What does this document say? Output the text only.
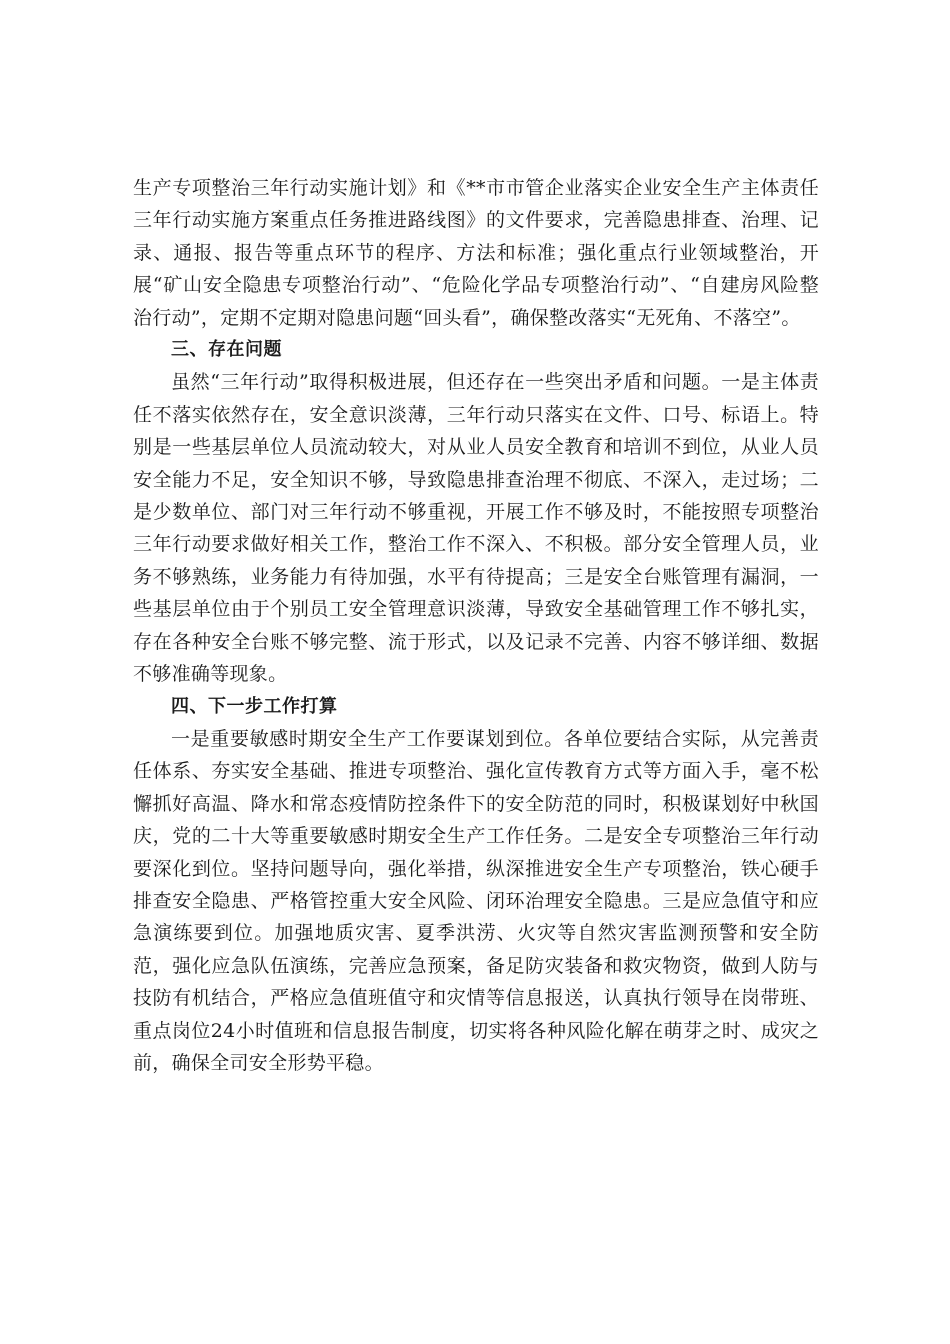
生产专项整治三年行动实施计划》和《**市市管企业落实企业安全生产主体责任三年行动实施方案重点任务推进路线图》的文件要求，完善隐患排查、治理、记录、通报、报告等重点环节的程序、方法和标准；强化重点行业领域整治，开展“矿山安全隐患专项整治行动”、“危险化学品专项整治行动”、“自建房风险整治行动”，定期不定期对隐患问题“回头看”，确保整改落实“无死角、不落空”。

三、存在问题

虽然“三年行动”取得积极进展，但还存在一些突出矛盾和问题。一是主体责任不落实依然存在，安全意识淡薄，三年行动只落实在文件、口号、标语上。特别是一些基层单位人员流动较大，对从业人员安全教育和培训不到位，从业人员安全能力不足，安全知识不够，导致隐患排查治理不彻底、不深入，走过场；二是少数单位、部门对三年行动不够重视，开展工作不够及时，不能按照专项整治三年行动要求做好相关工作，整治工作不深入、不积极。部分安全管理人员，业务不够熟练，业务能力有待加强，水平有待提高；三是安全台账管理有漏洞，一些基层单位由于个别员工安全管理意识淡薄，导致安全基础管理工作不够扎实，存在各种安全台账不够完整、流于形式，以及记录不完善、内容不够详细、数据不够准确等现象。

四、下一步工作打算

一是重要敏感时期安全生产工作要谋划到位。各单位要结合实际，从完善责任体系、夯实安全基础、推进专项整治、强化宣传教育方式等方面入手，毫不松懈抓好高温、降水和常态疫情防控条件下的安全防范的同时，积极谋划好中秋国庆，党的二十大等重要敏感时期安全生产工作任务。二是安全专项整治三年行动要深化到位。坚持问题导向，强化举措，纵深推进安全生产专项整治，铁心硬手排查安全隐患、严格管控重大安全风险、闭环治理安全隐患。三是应急值守和应急演练要到位。加强地质灾害、夏季洪涝、火灾等自然灾害监测预警和安全防范，强化应急队伍演练，完善应急预案，备足防灾装备和救灾物资，做到人防与技防有机结合，严格应急值班值守和灾情等信息报送，认真执行领导在岗带班、重点岗位24小时值班和信息报告制度，切实将各种风险化解在萌芽之时、成灾之前，确保全司安全形势平稳。
